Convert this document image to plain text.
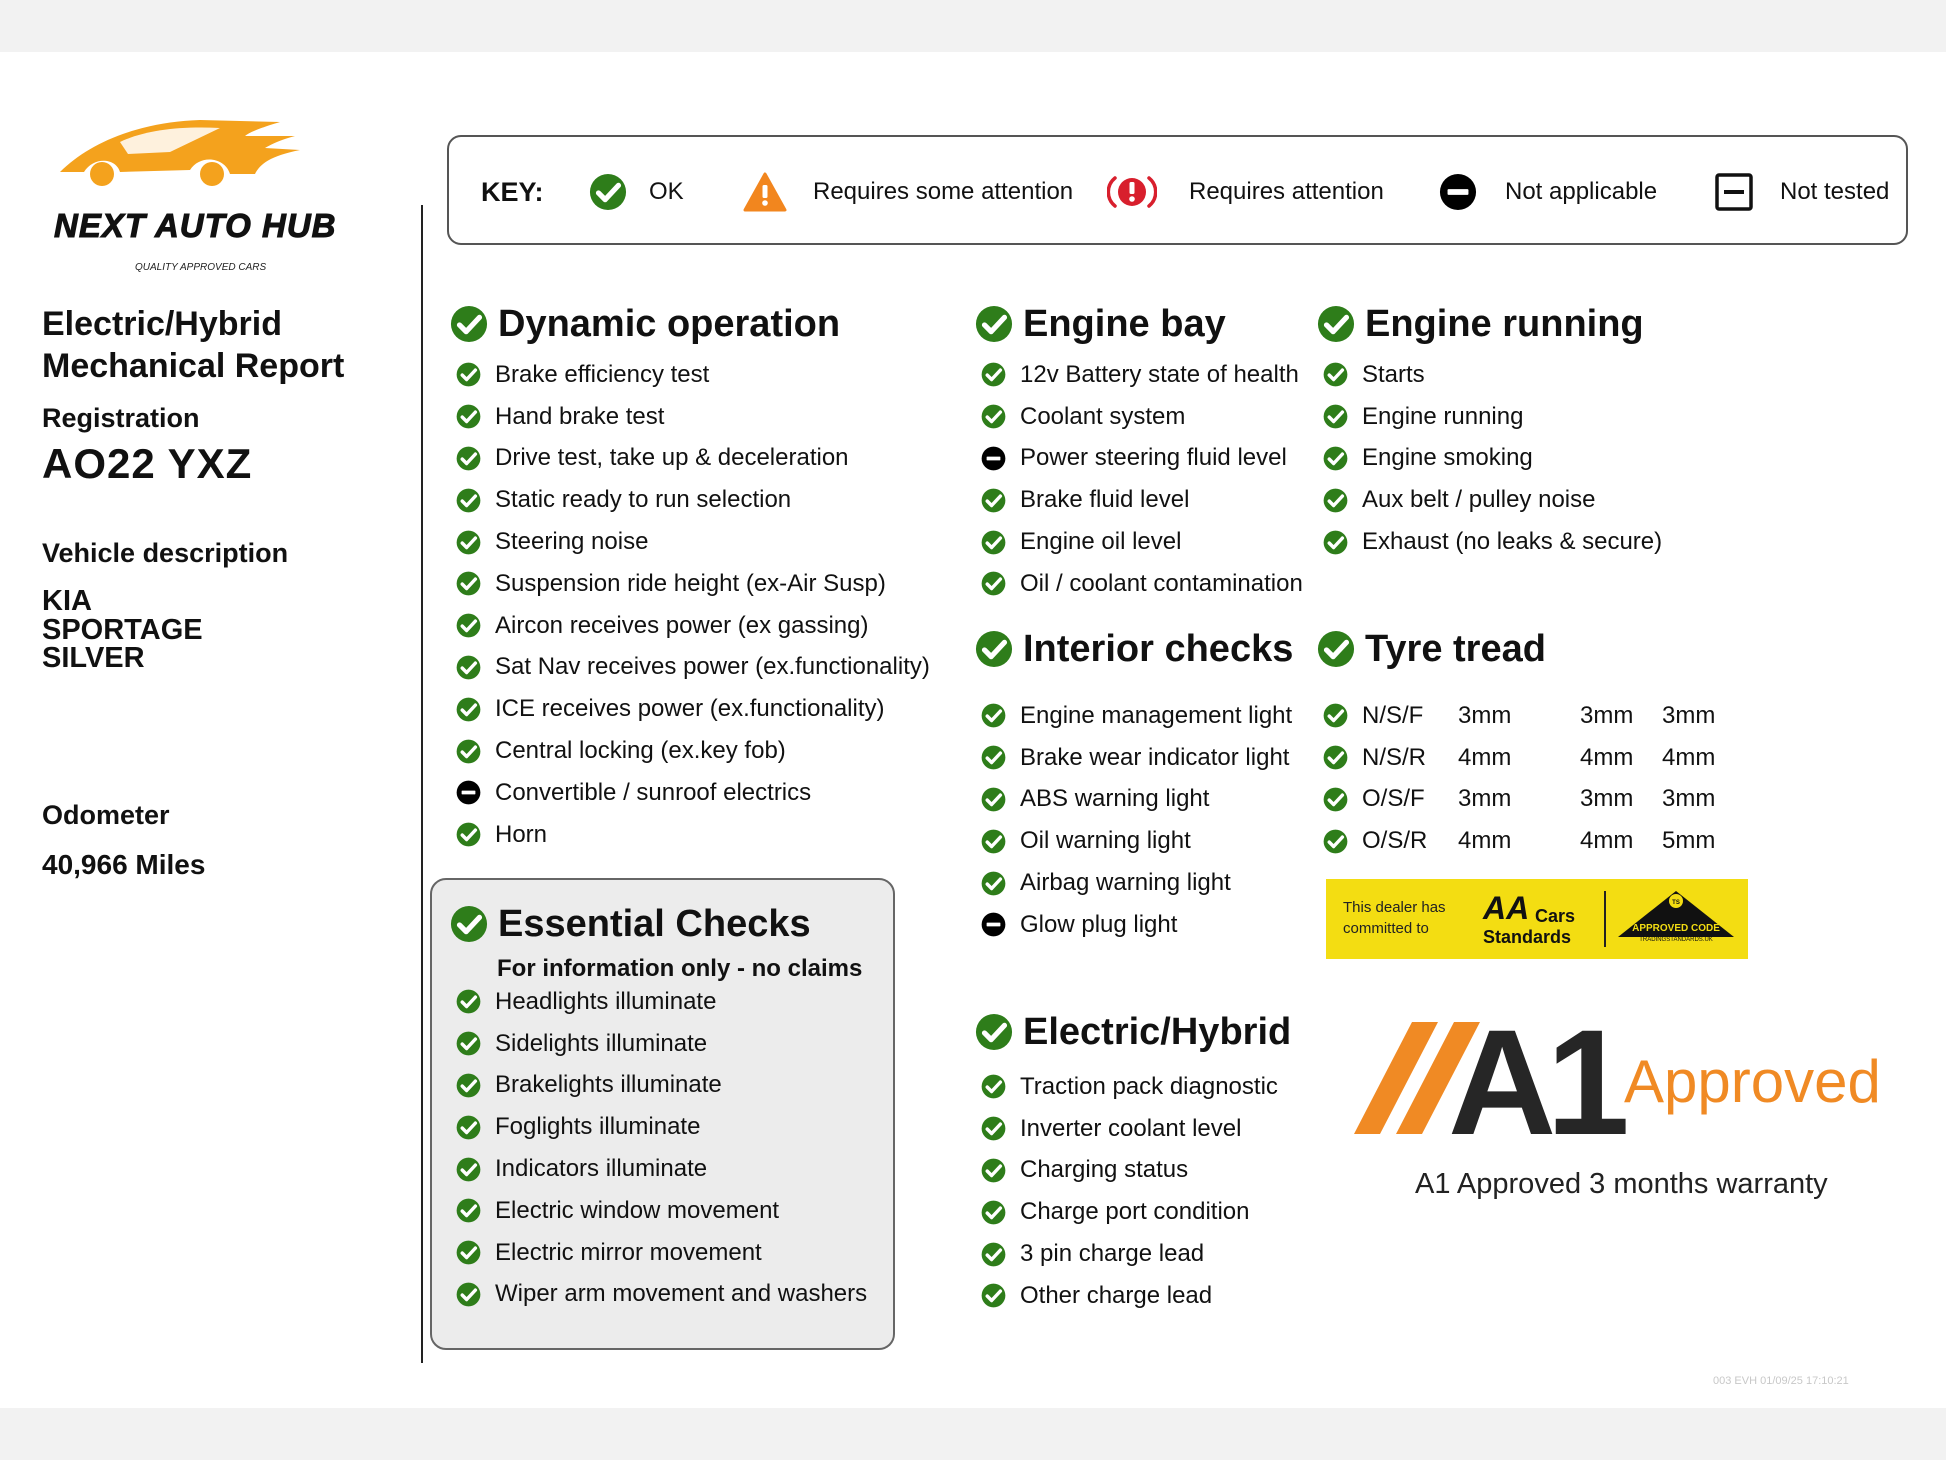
NEXT AUTO HUB
QUALITY APPROVED CARS
Electric/Hybrid Mechanical Report
Registration
AO22 YXZ
Vehicle description
KIA
SPORTAGE
SILVER
Odometer
40,966 Miles
KEY:	OK	Requires some attention	Requires attention	Not applicable	Not tested
Dynamic operation
Brake efficiency test
Hand brake test
Drive test, take up & deceleration
Static ready to run selection
Steering noise
Suspension ride height (ex-Air Susp)
Aircon receives power (ex gassing)
Sat Nav receives power (ex.functionality)
ICE receives power (ex.functionality)
Central locking (ex.key fob)
Convertible / sunroof electrics
Horn
Essential Checks
For information only - no claims
Headlights illuminate
Sidelights illuminate
Brakelights illuminate
Foglights illuminate
Indicators illuminate
Electric window movement
Electric mirror movement
Wiper arm movement and washers
Engine bay
12v Battery state of health
Coolant system
Power steering fluid level
Brake fluid level
Engine oil level
Oil / coolant contamination
Interior checks
Engine management light
Brake wear indicator light
ABS warning light
Oil warning light
Airbag warning light
Glow plug light
Electric/Hybrid
Traction pack diagnostic
Inverter coolant level
Charging status
Charge port condition
3 pin charge lead
Other charge lead
Engine running
Starts
Engine running
Engine smoking
Aux belt / pulley noise
Exhaust (no leaks & secure)
Tyre tread
N/S/F	3mm	3mm	3mm
N/S/R	4mm	4mm	4mm
O/S/F	3mm	3mm	3mm
O/S/R	4mm	4mm	5mm
This dealer has
committed to
AA Cars
Standards
TS
APPROVED CODE
TRADINGSTANDARDS.UK
A1 Approved
A1 Approved 3 months warranty
003 EVH 01/09/25 17:10:21
